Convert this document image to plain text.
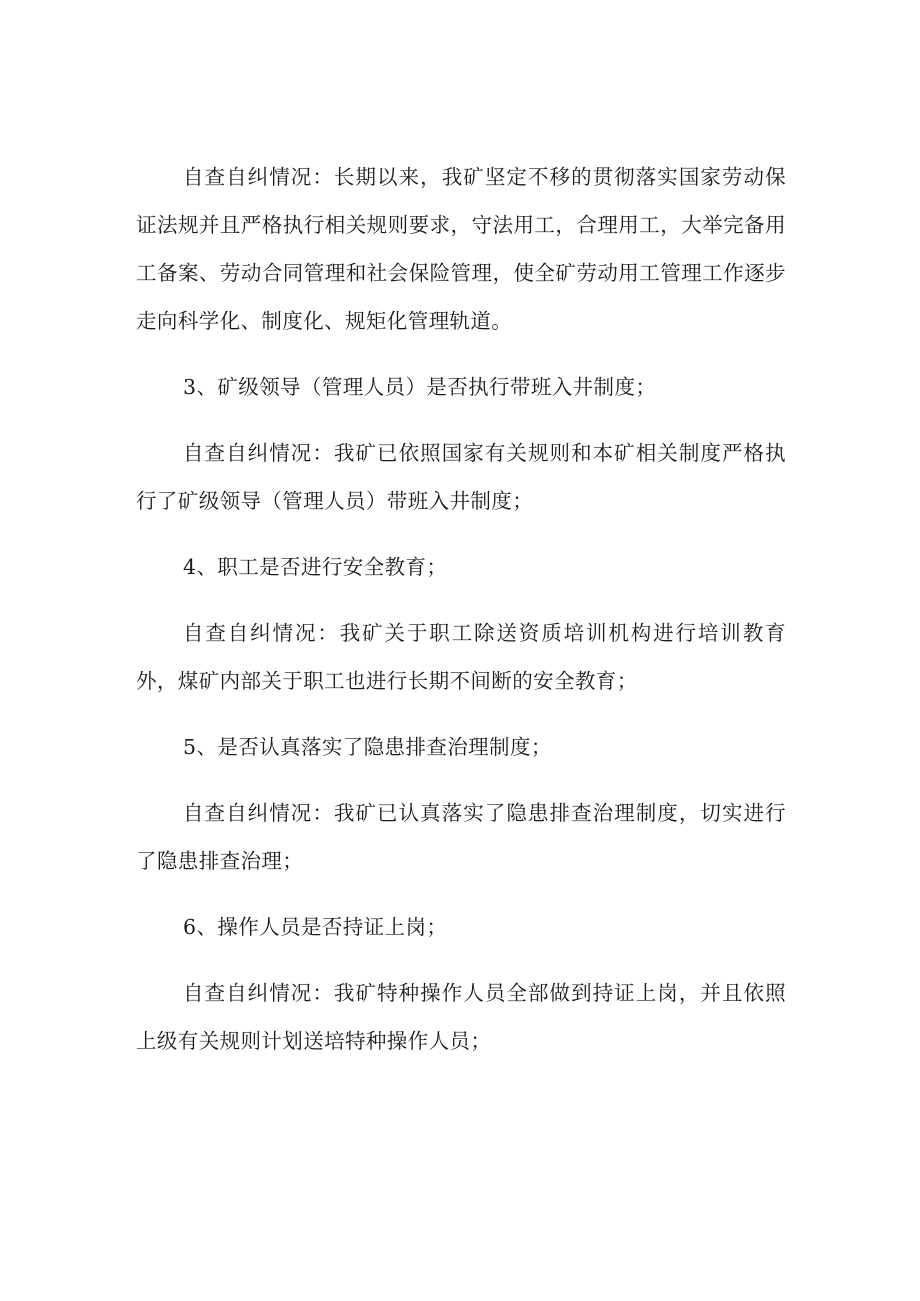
自查自纠情况：长期以来，我矿坚定不移的贯彻落实国家劳动保证法规并且严格执行相关规则要求，守法用工，合理用工，大举完备用工备案、劳动合同管理和社会保险管理，使全矿劳动用工管理工作逐步走向科学化、制度化、规矩化管理轨道。

3、矿级领导（管理人员）是否执行带班入井制度；

自查自纠情况：我矿已依照国家有关规则和本矿相关制度严格执行了矿级领导（管理人员）带班入井制度；

4、职工是否进行安全教育；

自查自纠情况：我矿关于职工除送资质培训机构进行培训教育外，煤矿内部关于职工也进行长期不间断的安全教育；

5、是否认真落实了隐患排查治理制度；

自查自纠情况：我矿已认真落实了隐患排查治理制度，切实进行了隐患排查治理；

6、操作人员是否持证上岗；

自查自纠情况：我矿特种操作人员全部做到持证上岗，并且依照上级有关规则计划送培特种操作人员；
